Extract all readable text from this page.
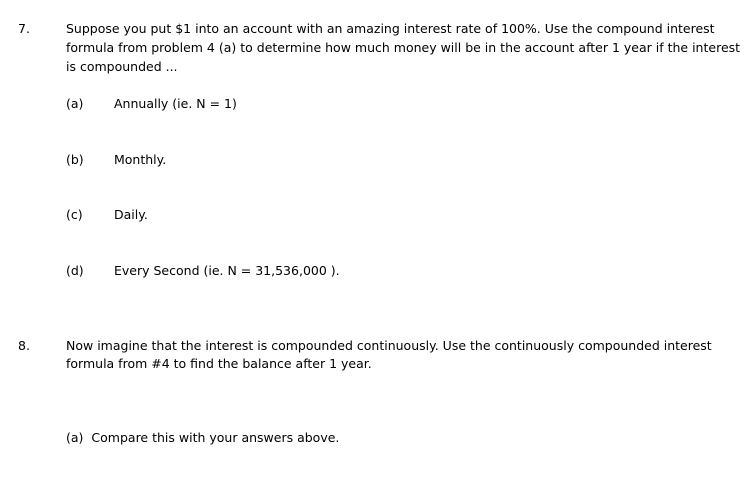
7.	Suppose you put $1 into an account with an amazing interest rate of 100%. Use the compound interest
formula from problem 4 (a) to determine how much money will be in the account after 1 year if the interest
is compounded ...
(a) Annually (ie. N = 1)
(b) Monthly.
(c)	Daily.
(d) Every Second (ie. N = 31,536,000 ).
8.	Now imagine that the interest is compounded continuously. Use the continuously compounded interest
formula from #4 to find the balance after 1 year.
(a) Compare this with your answers above.
